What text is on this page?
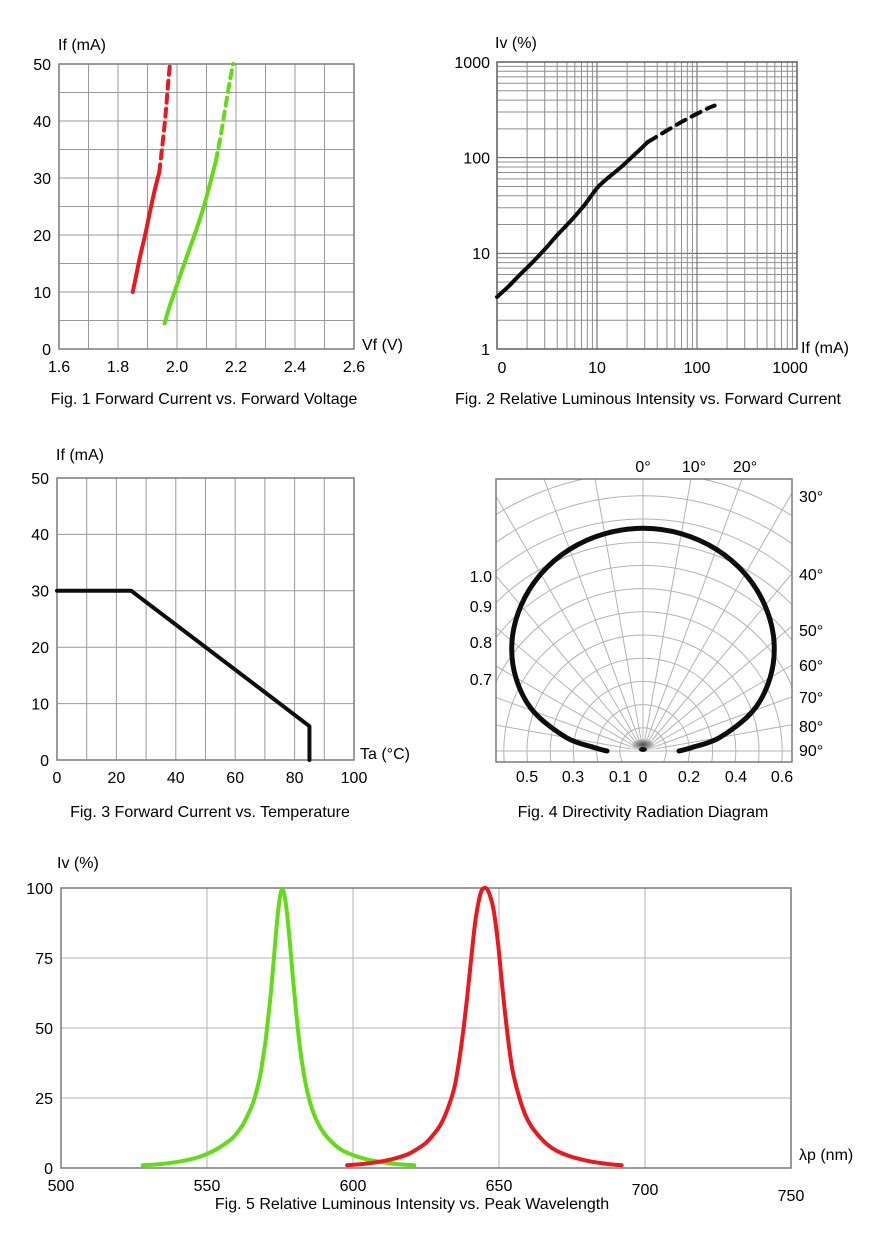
1.6 1.8 2.0 2.2 2.4 2.6
0
10
20
30
40
50
0	10	100	1000
1
10
100
1000
0	20	40	60	80 100
0
10
20
30
40
50
0° 10° 20°
30°
40°
50°
60°
70°
80°
90°
1.0
0.9
0.8
0.7
0.5 0.3 0.1 0 0.2 0.4 0.6
500	550	600	650	700	750
0
25
50
75
100
If (mA)
Vf (V)
Fig. 1 Forward Current vs. Forward Voltage
Iv (%)
If (mA)
Fig. 2 Relative Luminous Intensity vs. Forward Current
If (mA)
Ta (°C)
Fig. 3 Forward Current vs. Temperature	Fig. 4 Directivity Radiation Diagram
Iv (%)
λp (nm)
Fig. 5 Relative Luminous Intensity vs. Peak Wavelength
